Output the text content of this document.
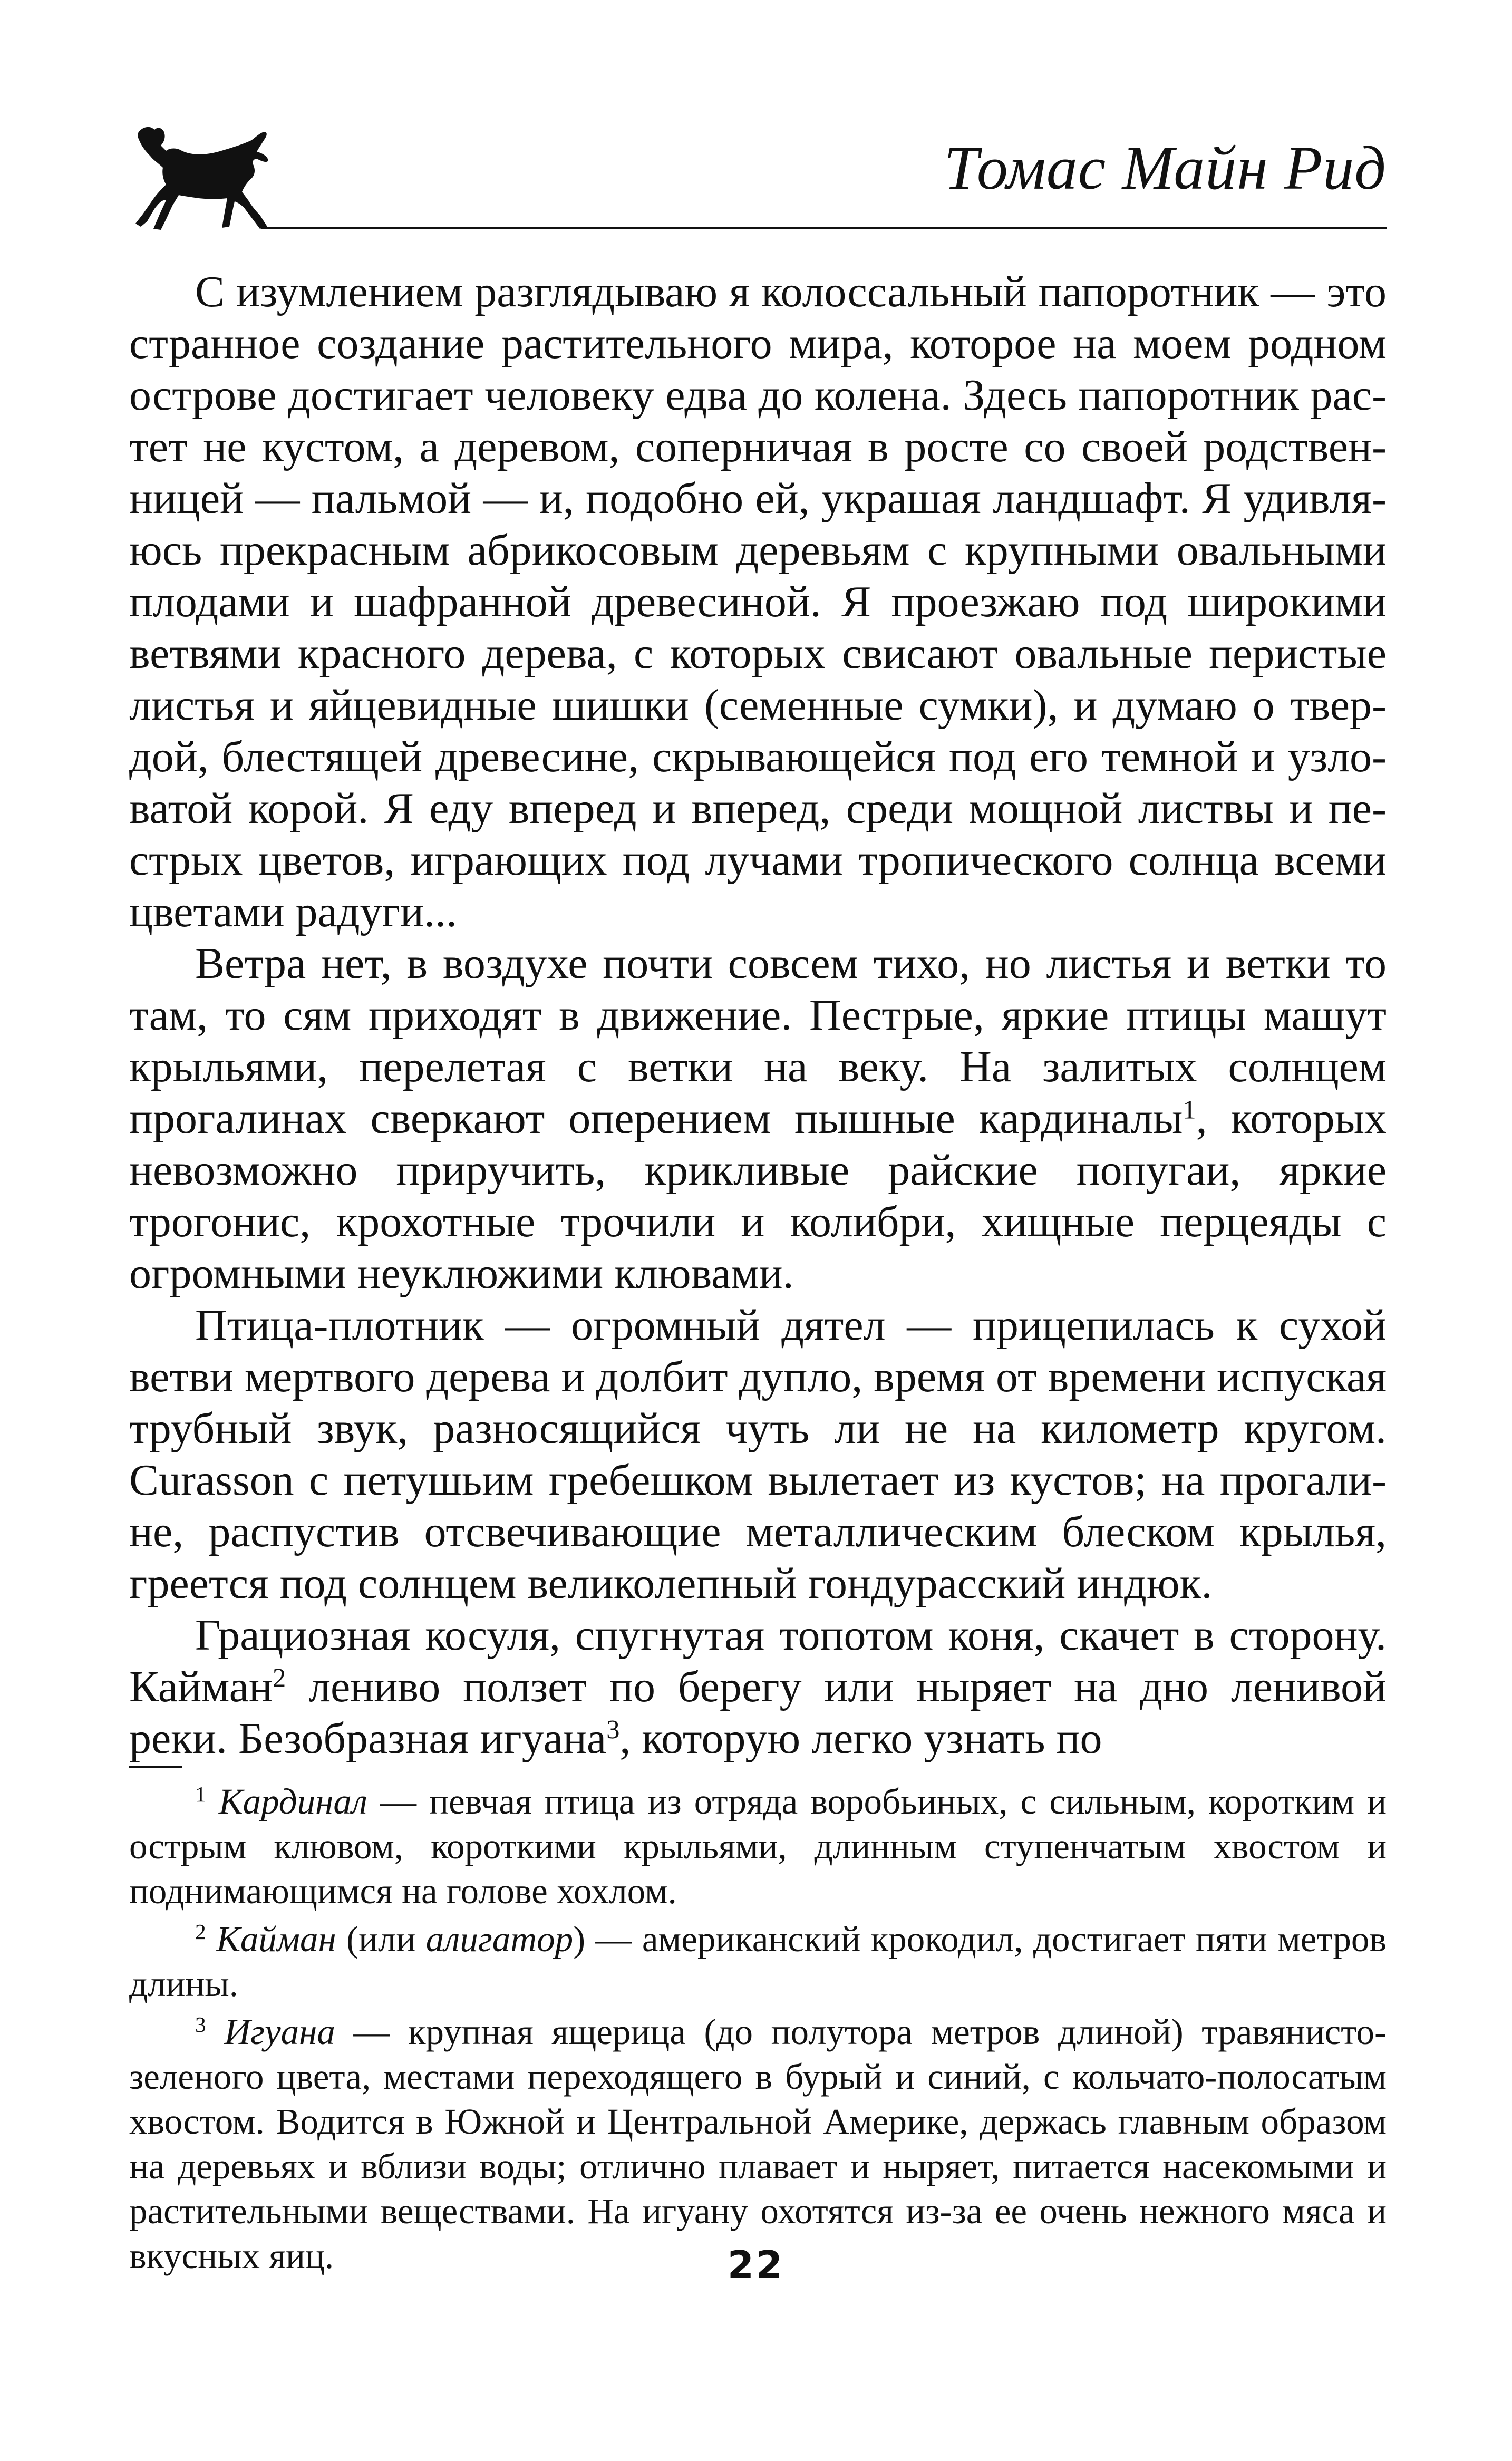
Томас Майн Рид

С изумлением разглядываю я колоссальный папоротник — это странное создание растительного мира, которое на моем родном острове достигает человеку едва до колена. Здесь папоротник растет не кустом, а деревом, соперничая в росте со своей родственницей — пальмой — и, подобно ей, украшая ландшафт. Я удивляюсь прекрасным абрикосовым деревьям с крупными овальными плодами и шафранной древесиной. Я проезжаю под широкими ветвями красного дерева, с которых свисают овальные перистые листья и яйцевидные шишки (семенные сумки), и думаю о твердой, блестящей древесине, скрывающейся под его темной и узловатой корой. Я еду вперед и вперед, среди мощной листвы и пестрых цветов, играющих под лучами тропического солнца всеми цветами радуги...

Ветра нет, в воздухе почти совсем тихо, но листья и ветки то там, то сям приходят в движение. Пестрые, яркие птицы машут крыльями, перелетая с ветки на веку. На залитых солнцем прогалинах сверкают оперением пышные кардиналы$^1$, которых невозможно приручить, крикливые райские попугаи, яркие трогонис, крохотные трочили и колибри, хищные перцеяды с огромными неуклюжими клювами.

Птица-плотник — огромный дятел — прицепилась к сухой ветви мертвого дерева и долбит дупло, время от времени испуская трубный звук, разносящийся чуть ли не на километр кругом. Curasson с петушьим гребешком вылетает из кустов; на прогалине, распустив отсвечивающие металлическим блеском крылья, греется под солнцем великолепный гондурасский индюк.

Грациозная косуля, спугнутая топотом коня, скачет в сторону. Кайман$^2$ лениво ползет по берегу или ныряет на дно ленивой реки. Безобразная игуана$^3$, которую легко узнать по

$^1$ Кардинал — певчая птица из отряда воробьиных, с сильным, коротким и острым клювом, короткими крыльями, длинным ступенчатым хвостом и поднимающимся на голове хохлом.

$^2$ Кайман (или алигатор) — американский крокодил, достигает пяти метров длины.

$^3$ Игуана — крупная ящерица (до полутора метров длиной) травянисто-зеленого цвета, местами переходящего в бурый и синий, с кольчато-полосатым хвостом. Водится в Южной и Центральной Америке, держась главным образом на деревьях и вблизи воды; отлично плавает и ныряет, питается насекомыми и растительными веществами. На игуану охотятся из-за ее очень нежного мяса и вкусных яиц.	22
